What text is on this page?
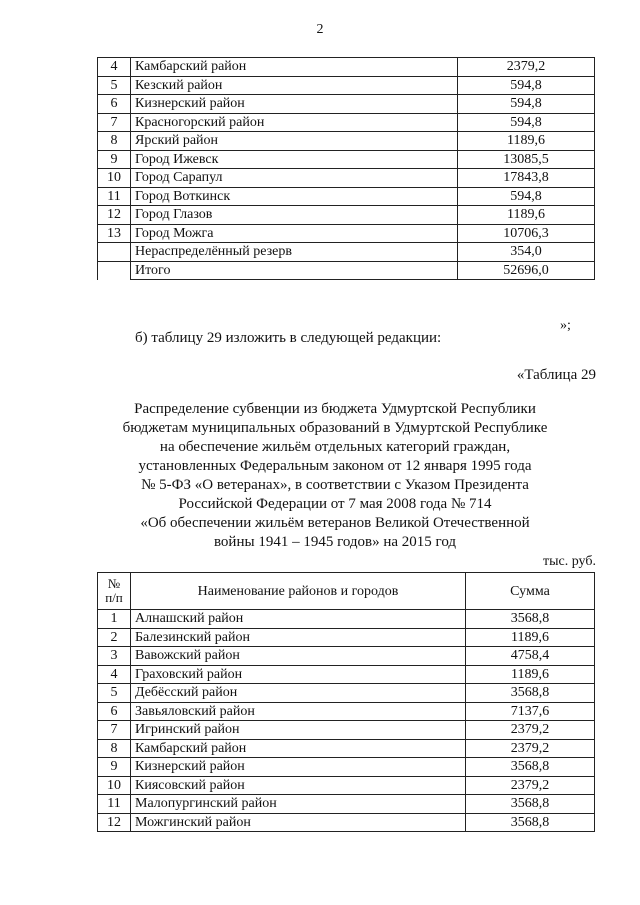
2
4	Камбарский район	2379,2
5	Кезский район	594,8
6	Кизнерский район	594,8
7	Красногорский район	594,8
8	Ярский район	1189,6
9	Город Ижевск	13085,5
10	Город Сарапул	17843,8
11	Город Воткинск	594,8
12	Город Глазов	1189,6
13	Город Можга	10706,3
	Нераспределённый резерв	354,0
	Итого	52696,0
»;
б) таблицу 29 изложить в следующей редакции:
«Таблица 29
Распределение субвенции из бюджета Удмуртской Республики
бюджетам муниципальных образований в Удмуртской Республике
на обеспечение жильём отдельных категорий граждан,
установленных Федеральным законом от 12 января 1995 года
№ 5-ФЗ «О ветеранах», в соответствии с Указом Президента
Российской Федерации от 7 мая 2008 года № 714
«Об обеспечении жильём ветеранов Великой Отечественной
войны 1941 – 1945 годов» на 2015 год
тыс. руб.
№ п/п	Наименование районов и городов	Сумма
1	Алнашский район	3568,8
2	Балезинский район	1189,6
3	Вавожский район	4758,4
4	Граховский район	1189,6
5	Дебёсский район	3568,8
6	Завьяловский район	7137,6
7	Игринский район	2379,2
8	Камбарский район	2379,2
9	Кизнерский район	3568,8
10	Киясовский район	2379,2
11	Малопургинский район	3568,8
12	Можгинский район	3568,8
